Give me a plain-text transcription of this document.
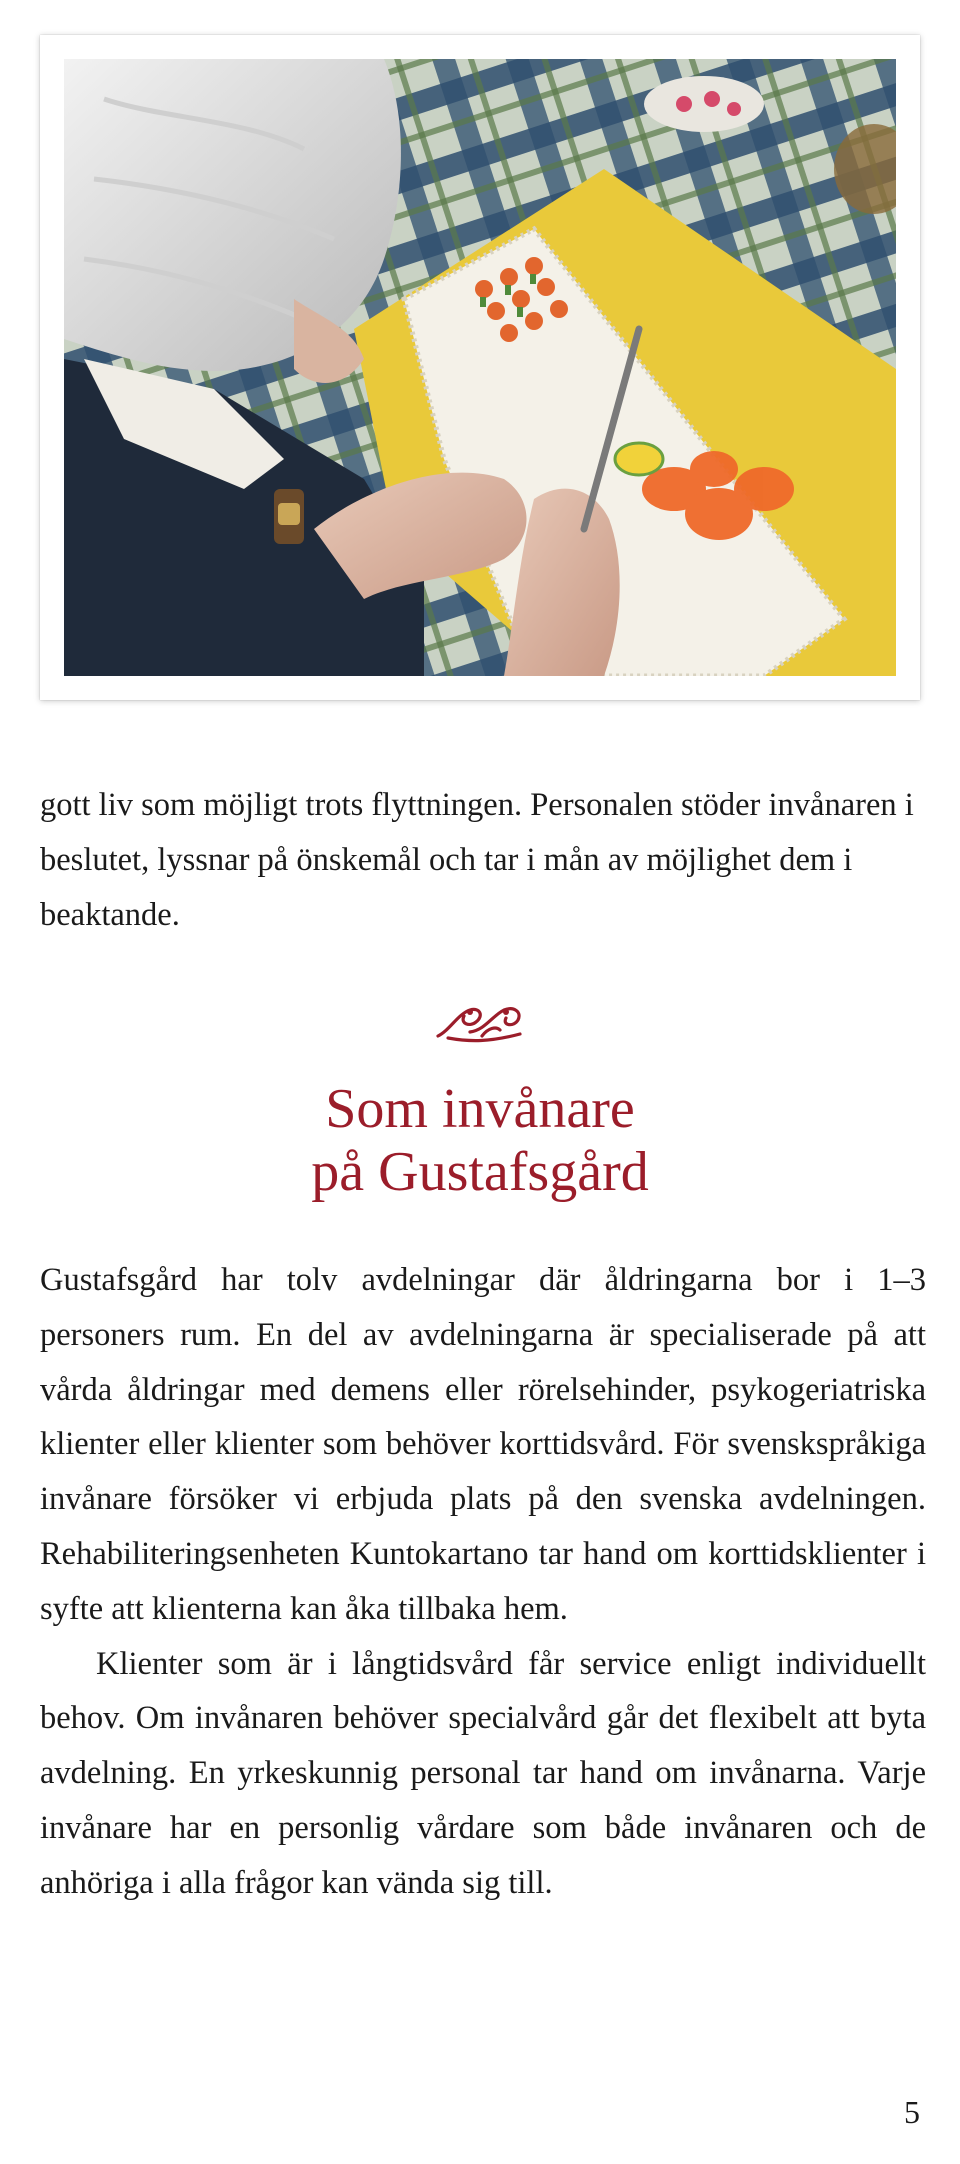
gott liv som möjligt trots flyttningen. Personalen stöder invånaren i beslutet, lyssnar på önskemål och tar i mån av möjlighet dem i beaktande.

Som invånare
på Gustafsgård

Gustafsgård har tolv avdelningar där åldringarna bor i 1–3 personers rum. En del av avdelningarna är specialiserade på att vårda åldringar med demens eller rörelsehinder, psykogeriatriska klienter eller klienter som behöver korttidsvård. För svenskspråkiga invånare försöker vi erbjuda plats på den svenska avdelningen. Rehabiliteringsenheten Kuntokartano tar hand om korttidsklienter i syfte att klienterna kan åka tillbaka hem.

Klienter som är i långtidsvård får service enligt individuellt behov. Om invånaren behöver specialvård går det flexibelt att byta avdelning. En yrkeskunnig personal tar hand om invånarna. Varje invånare har en personlig vårdare som både invånaren och de anhöriga i alla frågor kan vända sig till.

5
